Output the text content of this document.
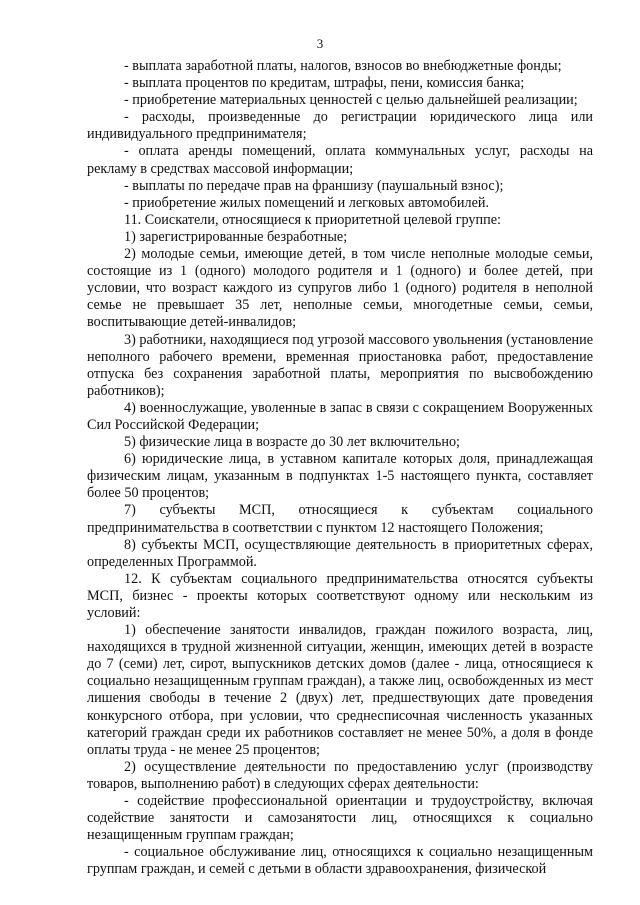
3

- выплата заработной платы, налогов, взносов во внебюджетные фонды;

- выплата процентов по кредитам, штрафы, пени, комиссия банка;

- приобретение материальных ценностей с целью дальнейшей реализации;

- расходы, произведенные до регистрации юридического лица или индивидуального предпринимателя;

- оплата аренды помещений, оплата коммунальных услуг, расходы на рекламу в средствах массовой информации;

- выплаты по передаче прав на франшизу (паушальный взнос);

- приобретение жилых помещений и легковых автомобилей.

11. Соискатели, относящиеся к приоритетной целевой группе:

1) зарегистрированные безработные;

2) молодые семьи, имеющие детей, в том числе неполные молодые семьи, состоящие из 1 (одного) молодого родителя и 1 (одного) и более детей, при условии, что возраст каждого из супругов либо 1 (одного) родителя в неполной семье не превышает 35 лет, неполные семьи, многодетные семьи, семьи, воспитывающие детей-инвалидов;

3) работники, находящиеся под угрозой массового увольнения (установление неполного рабочего времени, временная приостановка работ, предоставление отпуска без сохранения заработной платы, мероприятия по высвобождению работников);

4) военнослужащие, уволенные в запас в связи с сокращением Вооруженных Сил Российской Федерации;

5) физические лица в возрасте до 30 лет включительно;

6) юридические лица, в уставном капитале которых доля, принадлежащая физическим лицам, указанным в подпунктах 1-5 настоящего пункта, составляет более 50 процентов;

7) субъекты МСП, относящиеся к субъектам социального предпринимательства в соответствии с пунктом 12 настоящего Положения;

8) субъекты МСП, осуществляющие деятельность в приоритетных сферах, определенных Программой.

12. К субъектам социального предпринимательства относятся субъекты МСП, бизнес - проекты которых соответствуют одному или нескольким из условий:

1) обеспечение занятости инвалидов, граждан пожилого возраста, лиц, находящихся в трудной жизненной ситуации, женщин, имеющих детей в возрасте до 7 (семи) лет, сирот, выпускников детских домов (далее - лица, относящиеся к социально незащищенным группам граждан), а также лиц, освобожденных из мест лишения свободы в течение 2 (двух) лет, предшествующих дате проведения конкурсного отбора, при условии, что среднесписочная численность указанных категорий граждан среди их работников составляет не менее 50%, а доля в фонде оплаты труда - не менее 25 процентов;

2) осуществление деятельности по предоставлению услуг (производству товаров, выполнению работ) в следующих сферах деятельности:

- содействие профессиональной ориентации и трудоустройству, включая содействие занятости и самозанятости лиц, относящихся к социально незащищенным группам граждан;

- социальное обслуживание лиц, относящихся к социально незащищенным группам граждан, и семей с детьми в области здравоохранения, физической
